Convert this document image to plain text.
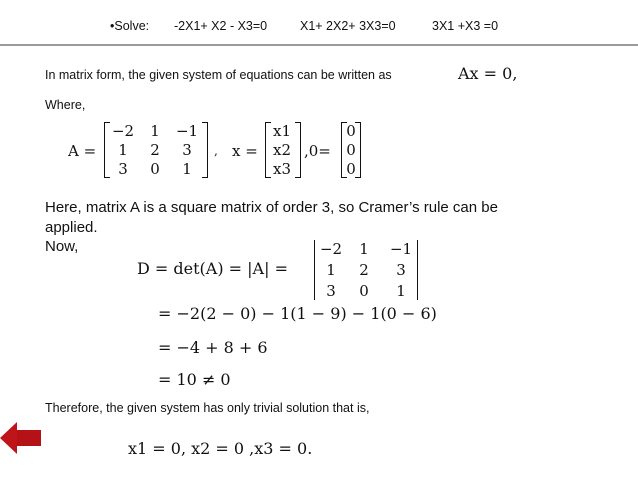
•Solve: -2X1+ X2 - X3=0	X1+ 2X2+ 3X3=0	3X1 +X3 =0
In matrix form, the given system of equations can be written as	Ax = 0,
Where,
A =
−2	1	−1
1	2	3
3	0	1
, x =
x1
x2
x3
,0=
0
0
0
Here, matrix A is a square matrix of order 3, so Cramer’s rule can be
applied.
Now,
D = det(A) = |A| =
−2	1	−1
1	2	3
3	0	1
= −2(2 − 0) − 1(1 − 9) − 1(0 − 6)
= −4 + 8 + 6
= 10 ≠ 0
Therefore, the given system has only trivial solution that is,
x1 = 0, x2 = 0 ,x3 = 0.
